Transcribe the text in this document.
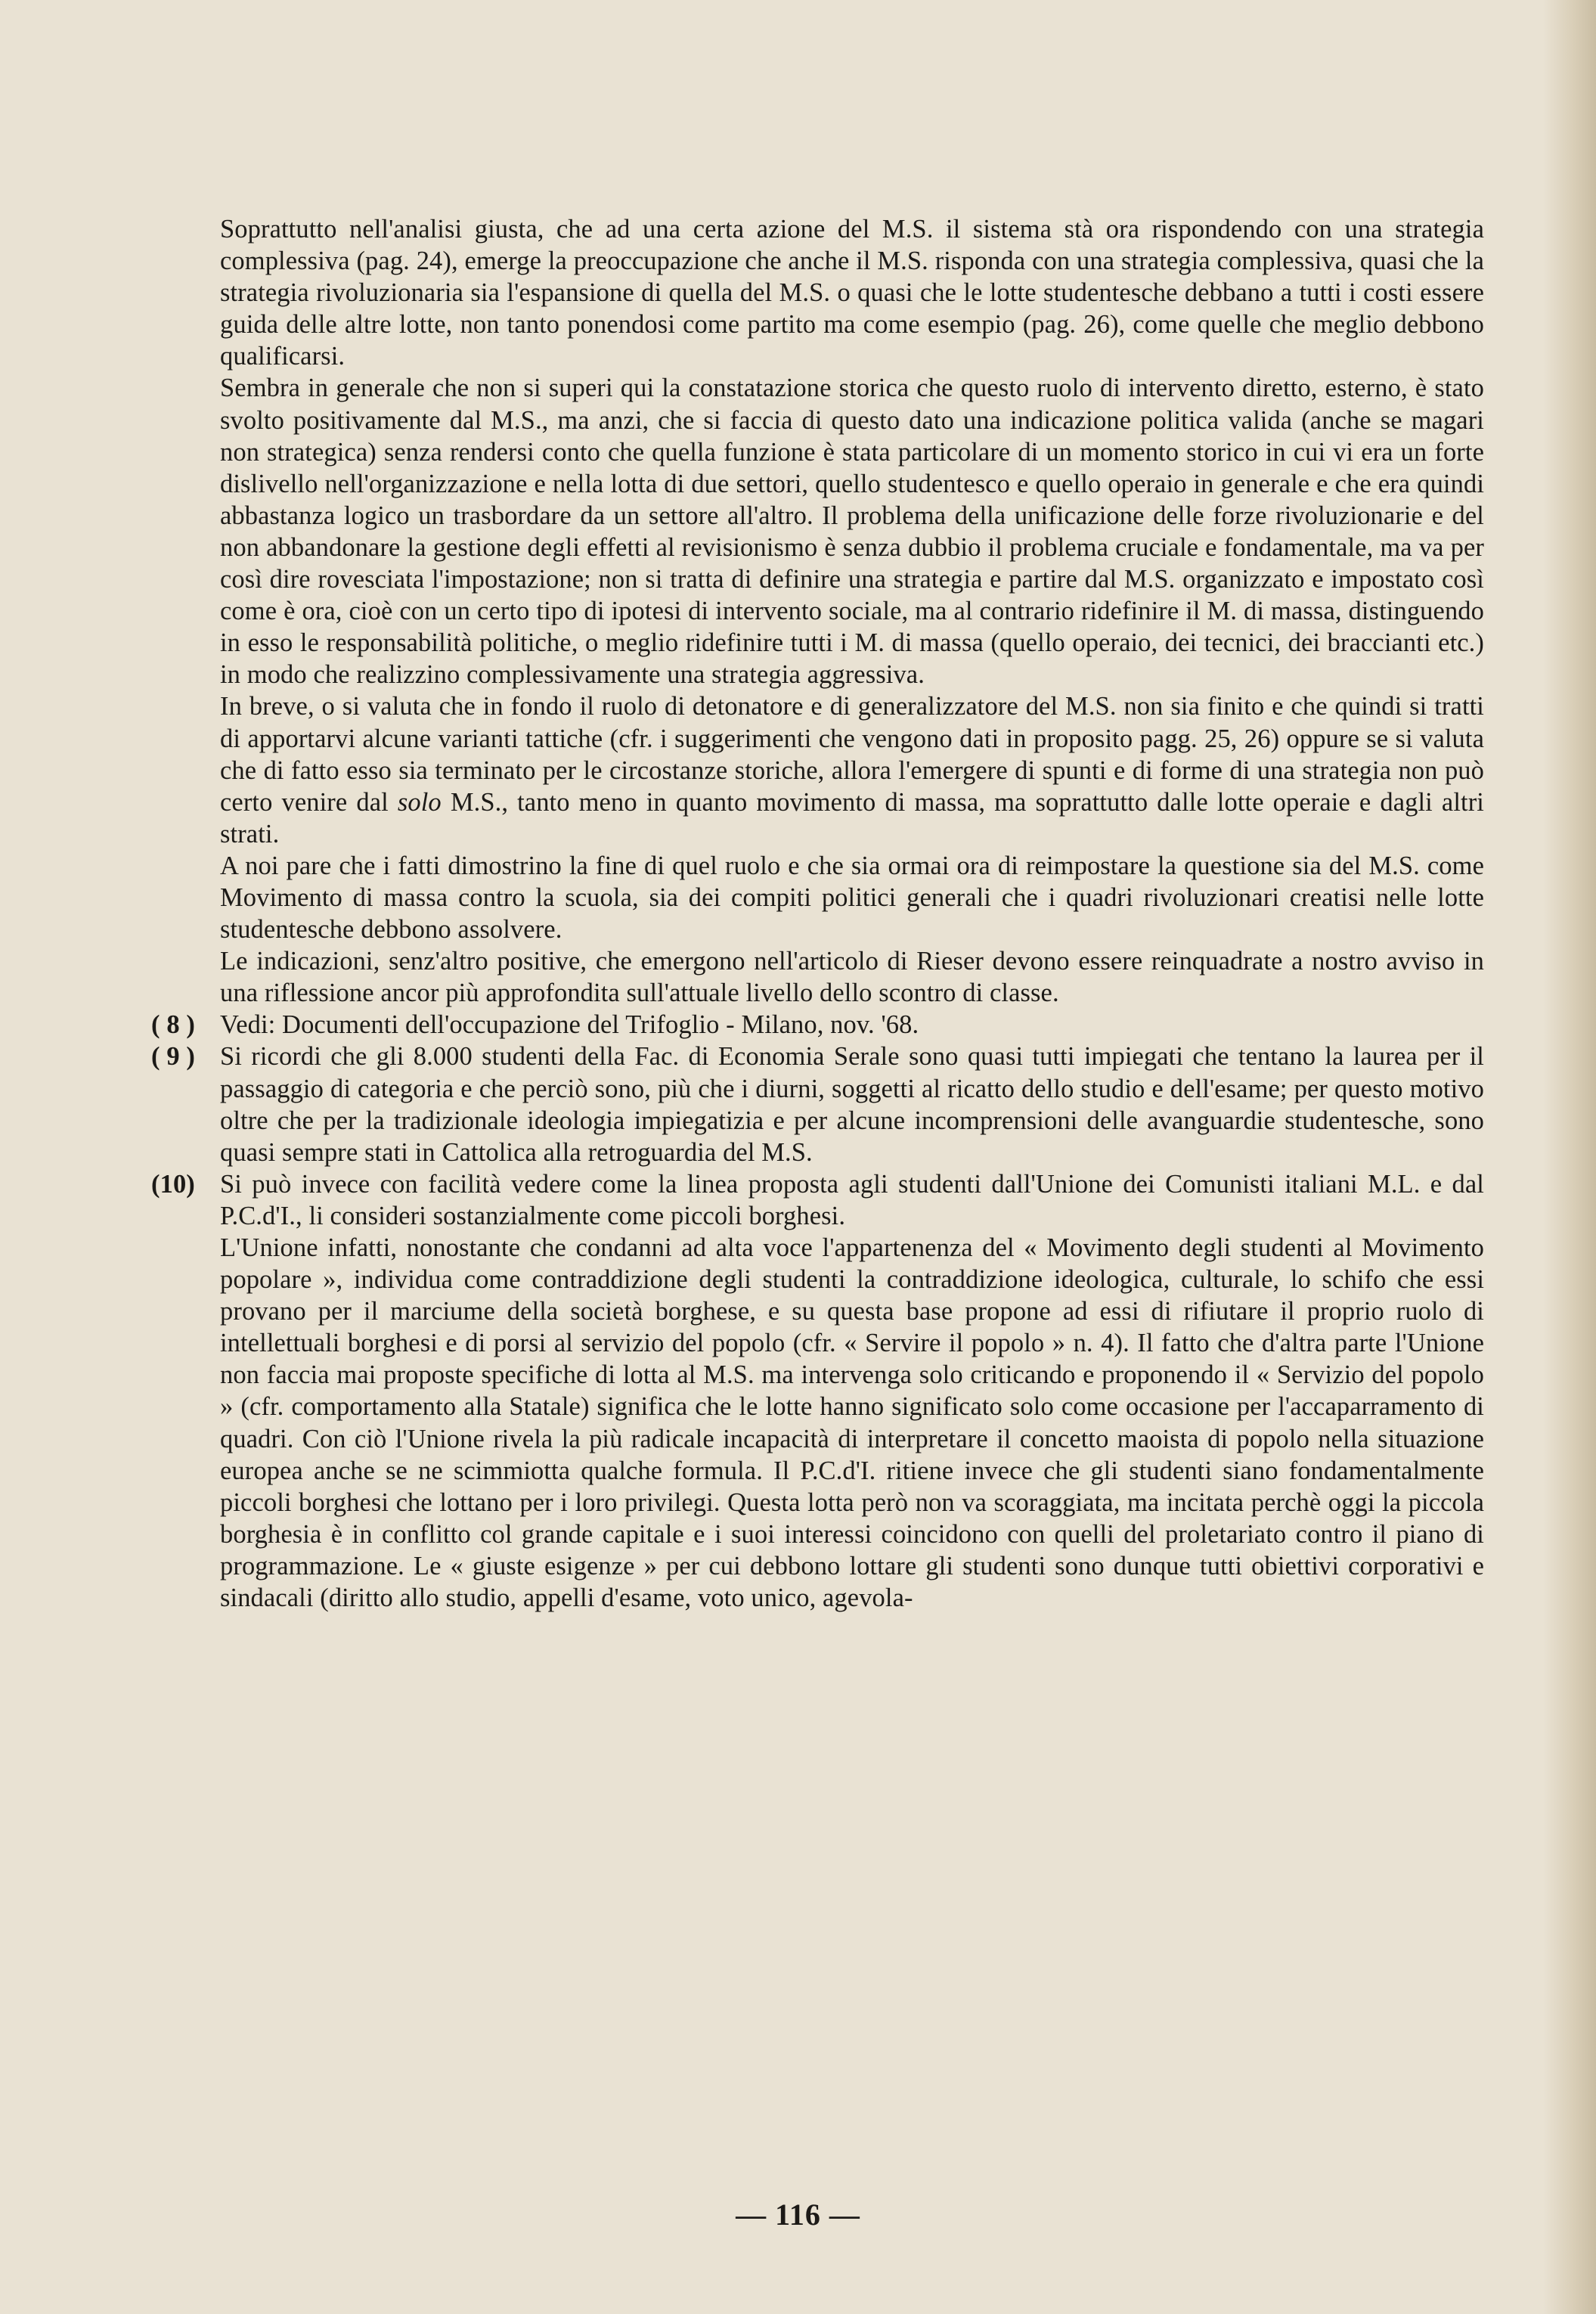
Soprattutto nell'analisi giusta, che ad una certa azione del M.S. il sistema stà ora rispondendo con una strategia complessiva (pag. 24), emerge la preoccupazione che anche il M.S. risponda con una strategia complessiva, quasi che la strategia rivoluzionaria sia l'espansione di quella del M.S. o quasi che le lotte studentesche debbano a tutti i costi essere guida delle altre lotte, non tanto ponendosi come partito ma come esempio (pag. 26), come quelle che meglio debbono qualificarsi.

Sembra in generale che non si superi qui la constatazione storica che questo ruolo di intervento diretto, esterno, è stato svolto positivamente dal M.S., ma anzi, che si faccia di questo dato una indicazione politica valida (anche se magari non strategica) senza rendersi conto che quella funzione è stata particolare di un momento storico in cui vi era un forte dislivello nell'organizzazione e nella lotta di due settori, quello studentesco e quello operaio in generale e che era quindi abbastanza logico un trasbordare da un settore all'altro. Il problema della unificazione delle forze rivoluzionarie e del non abbandonare la gestione degli effetti al revisionismo è senza dubbio il problema cruciale e fondamentale, ma va per così dire rovesciata l'impostazione; non si tratta di definire una strategia e partire dal M.S. organizzato e impostato così come è ora, cioè con un certo tipo di ipotesi di intervento sociale, ma al contrario ridefinire il M. di massa, distinguendo in esso le responsabilità politiche, o meglio ridefinire tutti i M. di massa (quello operaio, dei tecnici, dei braccianti etc.) in modo che realizzino complessivamente una strategia aggressiva.

In breve, o si valuta che in fondo il ruolo di detonatore e di generalizzatore del M.S. non sia finito e che quindi si tratti di apportarvi alcune varianti tattiche (cfr. i suggerimenti che vengono dati in proposito pagg. 25, 26) oppure se si valuta che di fatto esso sia terminato per le circostanze storiche, allora l'emergere di spunti e di forme di una strategia non può certo venire dal solo M.S., tanto meno in quanto movimento di massa, ma soprattutto dalle lotte operaie e dagli altri strati.

A noi pare che i fatti dimostrino la fine di quel ruolo e che sia ormai ora di reimpostare la questione sia del M.S. come Movimento di massa contro la scuola, sia dei compiti politici generali che i quadri rivoluzionari creatisi nelle lotte studentesche debbono assolvere.

Le indicazioni, senz'altro positive, che emergono nell'articolo di Rieser devono essere reinquadrate a nostro avviso in una riflessione ancor più approfondita sull'attuale livello dello scontro di classe.

( 8 ) Vedi: Documenti dell'occupazione del Trifoglio - Milano, nov. '68.

( 9 ) Si ricordi che gli 8.000 studenti della Fac. di Economia Serale sono quasi tutti impiegati che tentano la laurea per il passaggio di categoria e che perciò sono, più che i diurni, soggetti al ricatto dello studio e dell'esame; per questo motivo oltre che per la tradizionale ideologia impiegatizia e per alcune incomprensioni delle avanguardie studentesche, sono quasi sempre stati in Cattolica alla retroguardia del M.S.

(10) Si può invece con facilità vedere come la linea proposta agli studenti dall'Unione dei Comunisti italiani M.L. e dal P.C.d'I., li consideri sostanzialmente come piccoli borghesi.

L'Unione infatti, nonostante che condanni ad alta voce l'appartenenza del « Movimento degli studenti al Movimento popolare », individua come contraddizione degli studenti la contraddizione ideologica, culturale, lo schifo che essi provano per il marciume della società borghese, e su questa base propone ad essi di rifiutare il proprio ruolo di intellettuali borghesi e di porsi al servizio del popolo (cfr. « Servire il popolo » n. 4). Il fatto che d'altra parte l'Unione non faccia mai proposte specifiche di lotta al M.S. ma intervenga solo criticando e proponendo il « Servizio del popolo » (cfr. comportamento alla Statale) significa che le lotte hanno significato solo come occasione per l'accaparramento di quadri. Con ciò l'Unione rivela la più radicale incapacità di interpretare il concetto maoista di popolo nella situazione europea anche se ne scimmiotta qualche formula. Il P.C.d'I. ritiene invece che gli studenti siano fondamentalmente piccoli borghesi che lottano per i loro privilegi. Questa lotta però non va scoraggiata, ma incitata perchè oggi la piccola borghesia è in conflitto col grande capitale e i suoi interessi coincidono con quelli del proletariato contro il piano di programmazione. Le « giuste esigenze » per cui debbono lottare gli studenti sono dunque tutti obiettivi corporativi e sindacali (diritto allo studio, appelli d'esame, voto unico, agevola-

— 116 —
